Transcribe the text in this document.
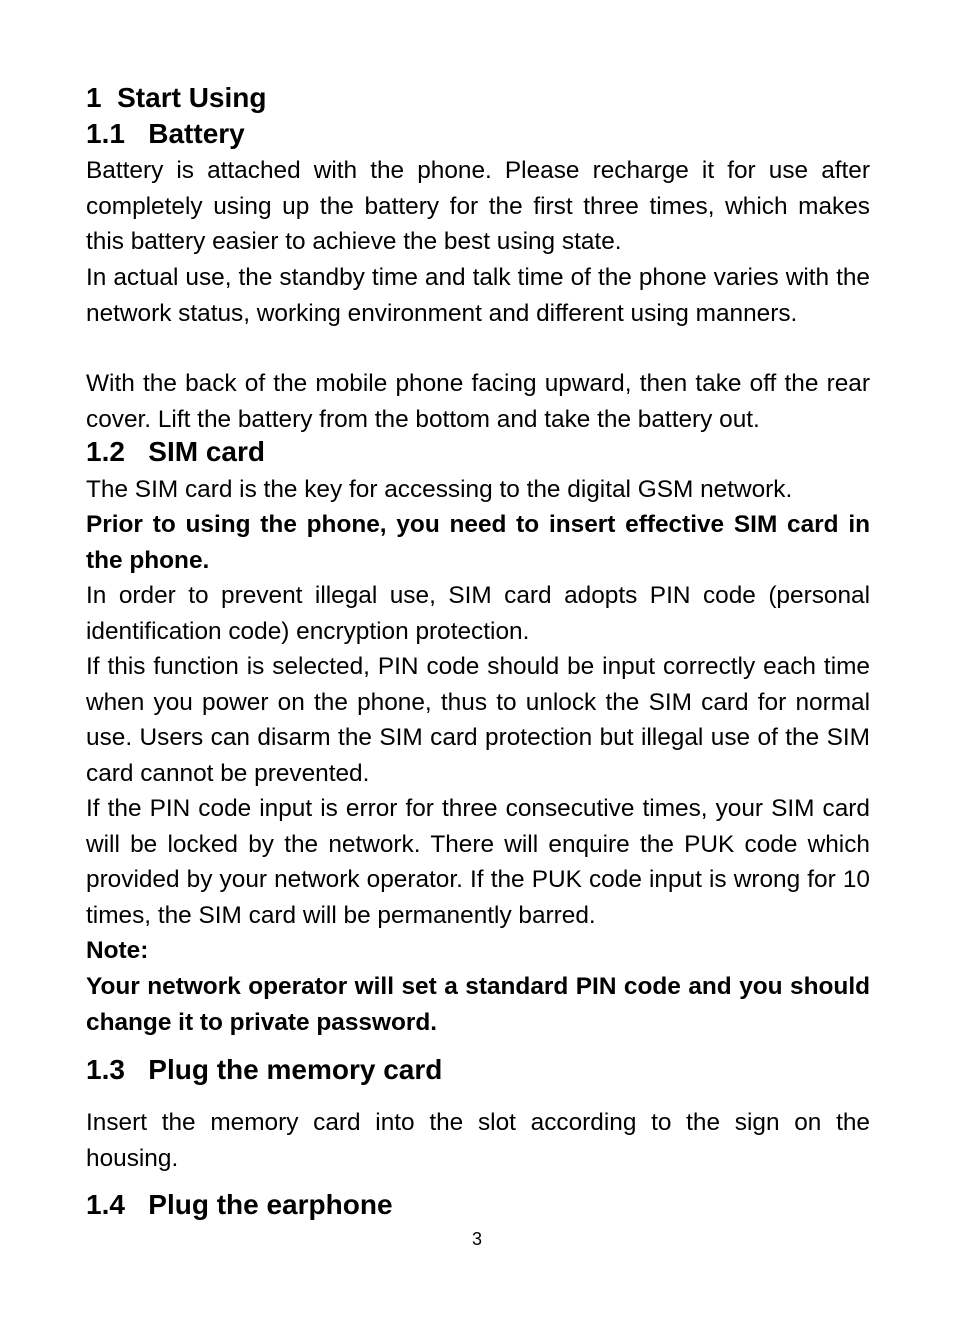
1  Start Using
1.1   Battery

Battery is attached with the phone. Please recharge it for use after completely using up the battery for the first three times, which makes this battery easier to achieve the best using state.

In actual use, the standby time and talk time of the phone varies with the network status, working environment and different using manners.

With the back of the mobile phone facing upward, then take off the rear cover. Lift the battery from the bottom and take the battery out.

1.2   SIM card

The SIM card is the key for accessing to the digital GSM network.

Prior to using the phone, you need to insert effective SIM card in the phone.

In order to prevent illegal use, SIM card adopts PIN code (personal identification code) encryption protection.

If this function is selected, PIN code should be input correctly each time when you power on the phone, thus to unlock the SIM card for normal use. Users can disarm the SIM card protection but illegal use of the SIM card cannot be prevented.

If the PIN code input is error for three consecutive times, your SIM card will be locked by the network. There will enquire the PUK code which provided by your network operator. If the PUK code input is wrong for 10 times, the SIM card will be permanently barred.

Note:

Your network operator will set a standard PIN code and you should change it to private password.

1.3   Plug the memory card

Insert the memory card into the slot according to the sign on the housing.

1.4   Plug the earphone
3
